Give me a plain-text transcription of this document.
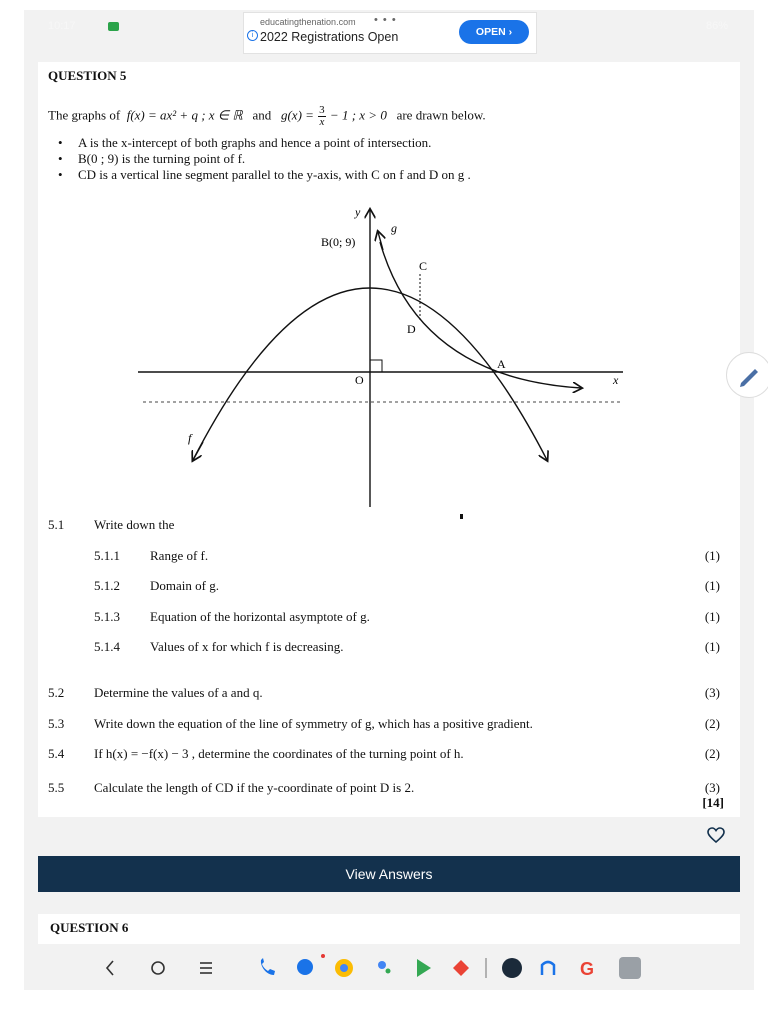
10:17	86%
educatingthenation.com • • •
i 2022 Registrations Open	OPEN ›
QUESTION 5
The graphs of f(x) = ax² + q ; x ∈ ℝ and $g(x) = \frac{3}{x} - 1$ ; x > 0 are drawn below.
• A is the x-intercept of both graphs and hence a point of intersection.
• B(0 ; 9) is the turning point of f.
• CD is a vertical line segment parallel to the y-axis, with C on f and D on g .
y
x
g
f
B(0; 9)
C
D
A
O
5.1 Write down the
5.1.1 Range of f.	(1)
5.1.2 Domain of g.	(1)
5.1.3 Equation of the horizontal asymptote of g.	(1)
5.1.4 Values of x for which f is decreasing.	(1)
5.2 Determine the values of a and q.	(3)
5.3 Write down the equation of the line of symmetry of g, which has a positive gradient.	(2)
5.4 If h(x) = −f(x) − 3 , determine the coordinates of the turning point of h.	(2)
5.5 Calculate the length of CD if the y-coordinate of point D is 2.	(3)
[14]
View Answers
QUESTION 6
G
